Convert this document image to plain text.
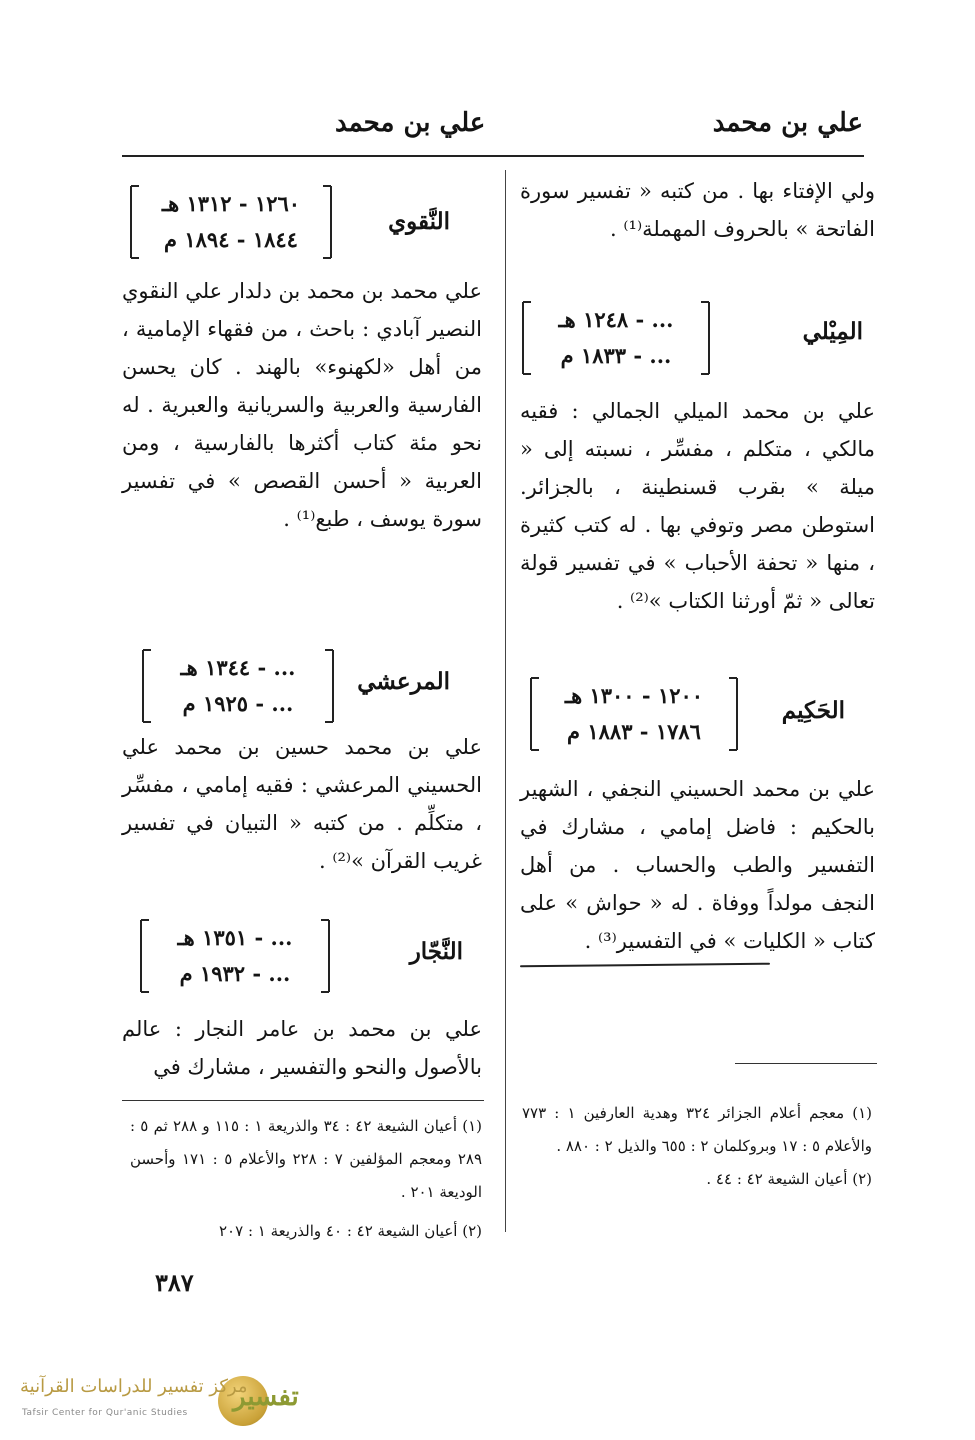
علي بن محمد
علي بن محمد

ولي الإفتاء بها . من كتبه « تفسير سورة الفاتحة » بالحروف المهملة⁽¹⁾ .

المِيْلي
... - ١٢٤٨ هـ
... - ١٨٣٣ م

علي بن محمد الميلي الجمالي : فقيه مالكي ، متكلم ، مفسِّر ، نسبته إلى « ميلة » بقرب قسنطينة ، بالجزائر. استوطن مصر وتوفي بها . له كتب كثيرة ، منها « تحفة الأحباب » في تفسير قولة تعالى « ثمّ أورثنا الكتاب »⁽²⁾ .

الحَكِيم
١٢٠٠ - ١٣٠٠ هـ
١٧٨٦ - ١٨٨٣ م

علي بن محمد الحسيني النجفي ، الشهير بالحكيم : فاضل إمامي ، مشارك في التفسير والطب والحساب . من أهل النجف مولداً ووفاة . له « حواش » على كتاب « الكليات » في التفسير⁽³⁾ .

(١) معجم أعلام الجزائر ٣٢٤ وهدية العارفين ١ : ٧٧٣ والأعلام ٥ : ١٧ وبروكلمان ٢ : ٦٥٥ والذيل ٢ : ٨٨٠ .
(٢) أعيان الشيعة ٤٢ : ٤٤ .
النَّقوي
١٢٦٠ - ١٣١٢ هـ
١٨٤٤ - ١٨٩٤ م

علي محمد بن محمد بن دلدار علي النقوي النصير آبادي : باحث ، من فقهاء الإمامية ، من أهل «لكهنوء» بالهند . كان يحسن الفارسية والعربية والسريانية والعبرية . له نحو مئة كتاب أكثرها بالفارسية ، ومن العربية « أحسن القصص » في تفسير سورة يوسف ، طبع⁽¹⁾ .

المرعشي
... - ١٣٤٤ هـ
... - ١٩٢٥ م

علي بن محمد حسين بن محمد علي الحسيني المرعشي : فقيه إمامي ، مفسِّر ، متكلِّم . من كتبه « التبيان في تفسير غريب القرآن »⁽²⁾ .

النَّجّار
... - ١٣٥١ هـ
... - ١٩٣٢ م

علي بن محمد بن عامر النجار : عالم بالأصول والنحو والتفسير ، مشارك في

(١) أعيان الشيعة ٤٢ : ٣٤ والذريعة ١ : ١١٥ و ٢٨٨ ثم ٥ : ٢٨٩ ومعجم المؤلفين ٧ : ٢٢٨ والأعلام ٥ : ١٧١ وأحسن الوديعة ٢٠١ .
(٢) أعيان الشيعة ٤٢ : ٤٠ والذريعة ١ : ٢٠٧
٣٨٧
تفسير
مركز تفسير للدراسات القرآنية
Tafsir Center for Qur'anic Studies
